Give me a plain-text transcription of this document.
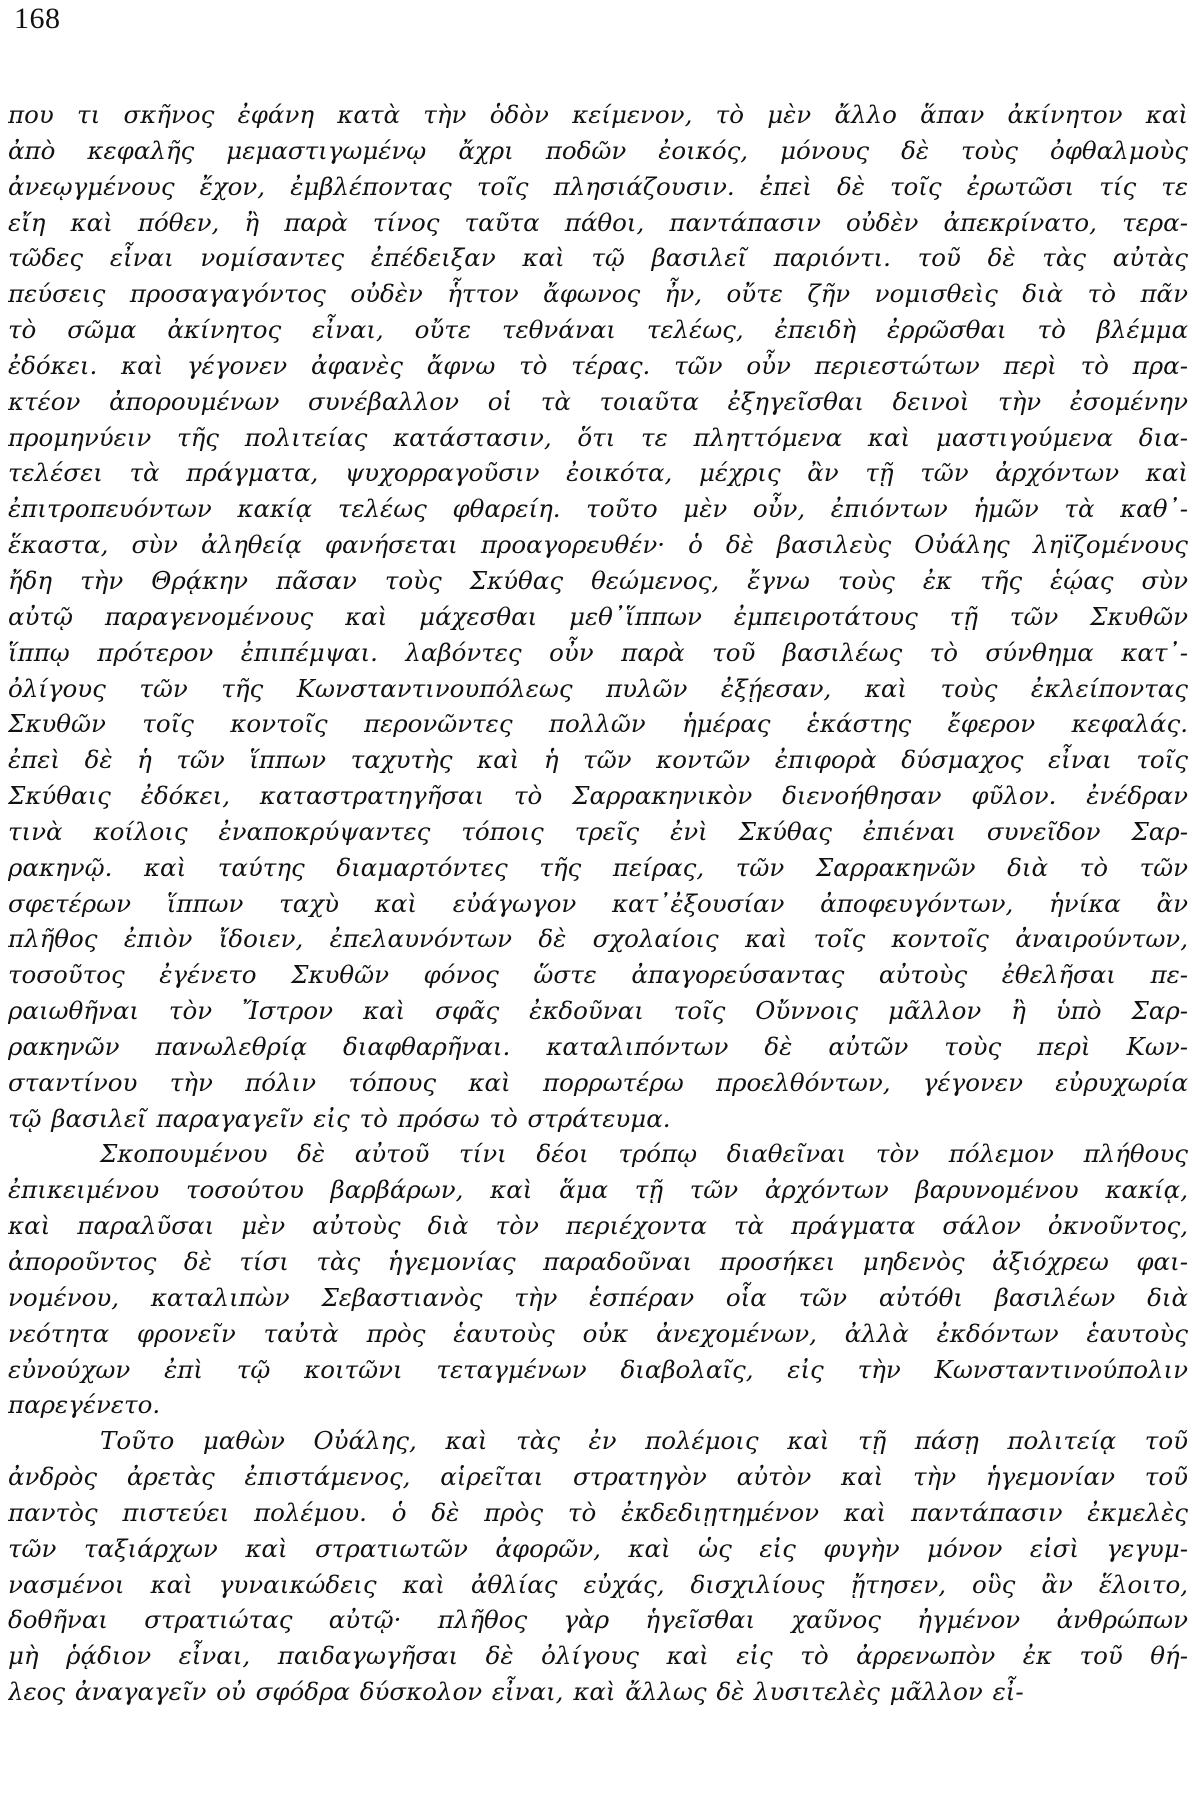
168
που τι σκῆνος ἐφάνη κατὰ τὴν ὁδὸν κείμενον, τὸ μὲν ἄλλο ἅπαν ἀκίνητον καὶ
ἀπὸ κεφαλῆς μεμαστιγωμένῳ ἄχρι ποδῶν ἐοικός, μόνους δὲ τοὺς ὀφθαλμοὺς
ἀνεῳγμένους ἔχον, ἐμβλέποντας τοῖς πλησιάζουσιν. ἐπεὶ δὲ τοῖς ἐρωτῶσι τίς τε
εἴη καὶ πόθεν, ἢ παρὰ τίνος ταῦτα πάθοι, παντάπασιν οὐδὲν ἀπεκρίνατο, τερα-
τῶδες εἶναι νομίσαντες ἐπέδειξαν καὶ τῷ βασιλεῖ παριόντι. τοῦ δὲ τὰς αὐτὰς
πεύσεις προσαγαγόντος οὐδὲν ἧττον ἄφωνος ἦν, οὔτε ζῆν νομισθεὶς διὰ τὸ πᾶν
τὸ σῶμα ἀκίνητος εἶναι, οὔτε τεθνάναι τελέως, ἐπειδὴ ἐρρῶσθαι τὸ βλέμμα
ἐδόκει. καὶ γέγονεν ἀφανὲς ἄφνω τὸ τέρας. τῶν οὖν περιεστώτων περὶ τὸ πρα-
κτέον ἀπορουμένων συνέβαλλον οἱ τὰ τοιαῦτα ἐξηγεῖσθαι δεινοὶ τὴν ἐσομένην
προμηνύειν τῆς πολιτείας κατάστασιν, ὅτι τε πληττόμενα καὶ μαστιγούμενα δια-
τελέσει τὰ πράγματα, ψυχορραγοῦσιν ἐοικότα, μέχρις ἂν τῇ τῶν ἀρχόντων καὶ
ἐπιτροπευόντων κακίᾳ τελέως φθαρείη. τοῦτο μὲν οὖν, ἐπιόντων ἡμῶν τὰ καθ᾿-
ἕκαστα, σὺν ἀληθείᾳ φανήσεται προαγορευθέν· ὁ δὲ βασιλεὺς Οὐάλης ληϊζομένους
ἤδη τὴν Θρᾴκην πᾶσαν τοὺς Σκύθας θεώμενος, ἔγνω τοὺς ἐκ τῆς ἑῴας σὺν
αὐτῷ παραγενομένους καὶ μάχεσθαι μεθ᾿ἵππων ἐμπειροτάτους τῇ τῶν Σκυθῶν
ἵππῳ πρότερον ἐπιπέμψαι. λαβόντες οὖν παρὰ τοῦ βασιλέως τὸ σύνθημα κατ᾿-
ὀλίγους τῶν τῆς Κωνσταντινουπόλεως πυλῶν ἐξῄεσαν, καὶ τοὺς ἐκλείποντας
Σκυθῶν τοῖς κοντοῖς περονῶντες πολλῶν ἡμέρας ἑκάστης ἔφερον κεφαλάς.
ἐπεὶ δὲ ἡ τῶν ἵππων ταχυτὴς καὶ ἡ τῶν κοντῶν ἐπιφορὰ δύσμαχος εἶναι τοῖς
Σκύθαις ἐδόκει, καταστρατηγῆσαι τὸ Σαρρακηνικὸν διενοήθησαν φῦλον. ἐνέδραν
τινὰ κοίλοις ἐναποκρύψαντες τόποις τρεῖς ἐνὶ Σκύθας ἐπιέναι συνεῖδον Σαρ-
ρακηνῷ. καὶ ταύτης διαμαρτόντες τῆς πείρας, τῶν Σαρρακηνῶν διὰ τὸ τῶν
σφετέρων ἵππων ταχὺ καὶ εὐάγωγον κατ᾿ἐξουσίαν ἀποφευγόντων, ἡνίκα ἂν
πλῆθος ἐπιὸν ἴδοιεν, ἐπελαυνόντων δὲ σχολαίοις καὶ τοῖς κοντοῖς ἀναιρούντων,
τοσοῦτος ἐγένετο Σκυθῶν φόνος ὥστε ἀπαγορεύσαντας αὐτοὺς ἐθελῆσαι πε-
ραιωθῆναι τὸν Ἴστρον καὶ σφᾶς ἐκδοῦναι τοῖς Οὔννοις μᾶλλον ἢ ὑπὸ Σαρ-
ρακηνῶν πανωλεθρίᾳ διαφθαρῆναι. καταλιπόντων δὲ αὐτῶν τοὺς περὶ Κων-
σταντίνου τὴν πόλιν τόπους καὶ πορρωτέρω προελθόντων, γέγονεν εὐρυχωρία
τῷ βασιλεῖ παραγαγεῖν εἰς τὸ πρόσω τὸ στράτευμα.
Σκοπουμένου δὲ αὐτοῦ τίνι δέοι τρόπῳ διαθεῖναι τὸν πόλεμον πλήθους
ἐπικειμένου τοσούτου βαρβάρων, καὶ ἅμα τῇ τῶν ἀρχόντων βαρυνομένου κακίᾳ,
καὶ παραλῦσαι μὲν αὐτοὺς διὰ τὸν περιέχοντα τὰ πράγματα σάλον ὀκνοῦντος,
ἀποροῦντος δὲ τίσι τὰς ἡγεμονίας παραδοῦναι προσήκει μηδενὸς ἀξιόχρεω φαι-
νομένου, καταλιπὼν Σεβαστιανὸς τὴν ἑσπέραν οἷα τῶν αὐτόθι βασιλέων διὰ
νεότητα φρονεῖν ταὐτὰ πρὸς ἑαυτοὺς οὐκ ἀνεχομένων, ἀλλὰ ἐκδόντων ἑαυτοὺς
εὐνούχων ἐπὶ τῷ κοιτῶνι τεταγμένων διαβολαῖς, εἰς τὴν Κωνσταντινούπολιν
παρεγένετο.
Τοῦτο μαθὼν Οὐάλης, καὶ τὰς ἐν πολέμοις καὶ τῇ πάσῃ πολιτείᾳ τοῦ
ἀνδρὸς ἀρετὰς ἐπιστάμενος, αἱρεῖται στρατηγὸν αὐτὸν καὶ τὴν ἡγεμονίαν τοῦ
παντὸς πιστεύει πολέμου. ὁ δὲ πρὸς τὸ ἐκδεδιῃτημένον καὶ παντάπασιν ἐκμελὲς
τῶν ταξιάρχων καὶ στρατιωτῶν ἀφορῶν, καὶ ὡς εἰς φυγὴν μόνον εἰσὶ γεγυμ-
νασμένοι καὶ γυναικώδεις καὶ ἀθλίας εὐχάς, δισχιλίους ᾔτησεν, οὓς ἂν ἕλοιτο,
δοθῆναι στρατιώτας αὐτῷ· πλῆθος γὰρ ἡγεῖσθαι χαῦνος ἠγμένον ἀνθρώπων
μὴ ῥᾴδιον εἶναι, παιδαγωγῆσαι δὲ ὀλίγους καὶ εἰς τὸ ἀρρενωπὸν ἐκ τοῦ θή-
λεος ἀναγαγεῖν οὐ σφόδρα δύσκολον εἶναι, καὶ ἄλλως δὲ λυσιτελὲς μᾶλλον εἶ-
